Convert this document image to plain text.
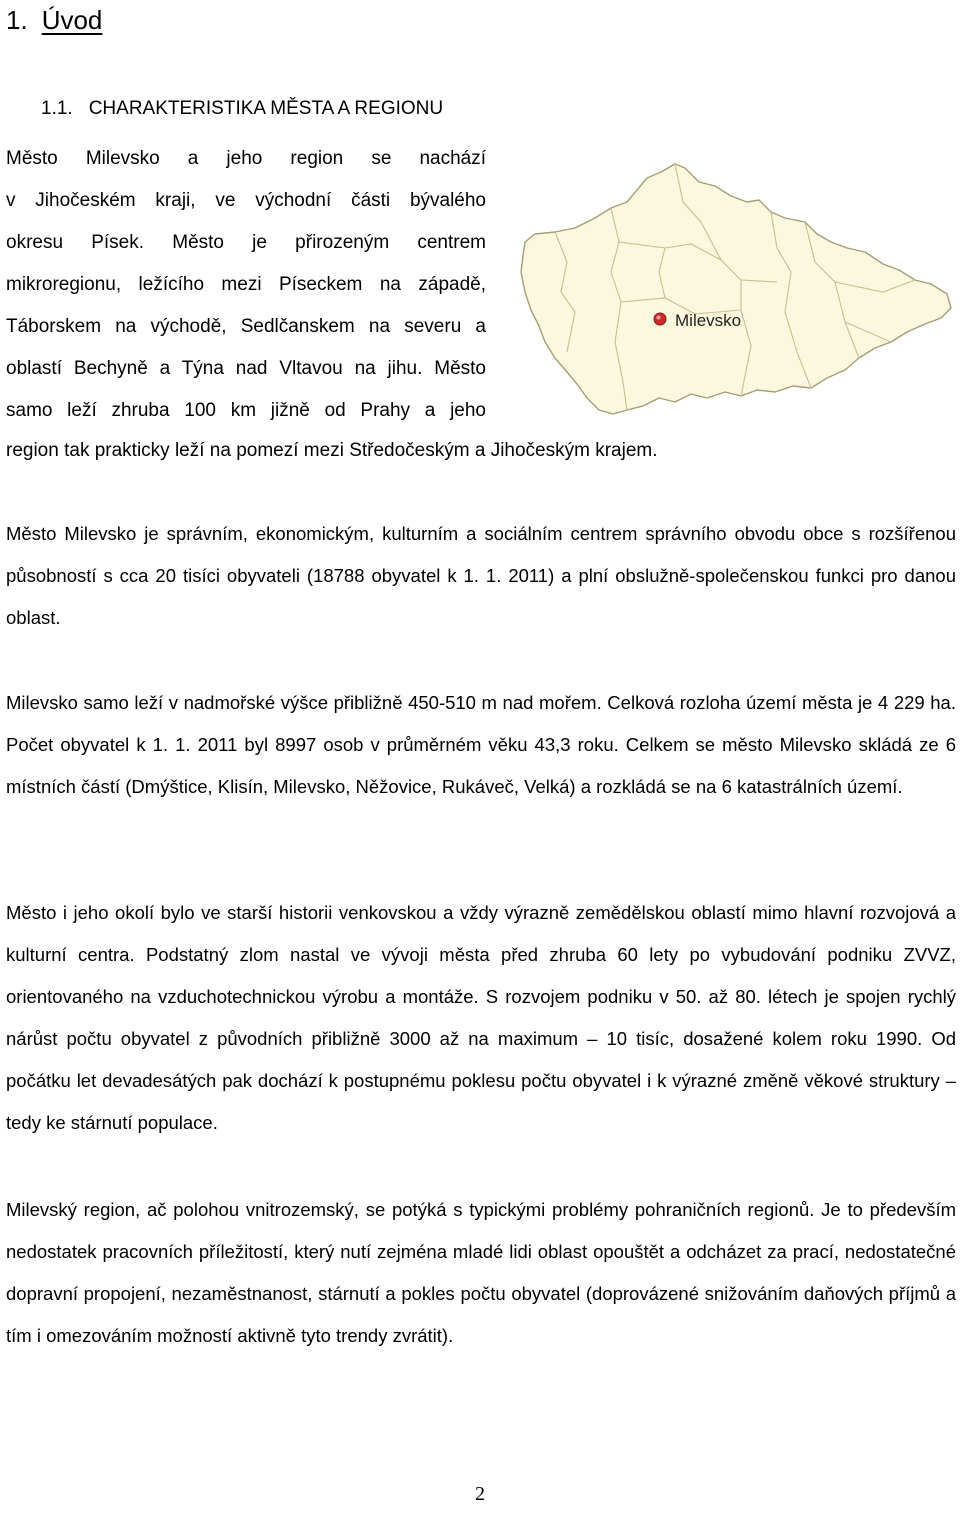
1. Úvod
1.1. CHARAKTERISTIKA MĚSTA A REGIONU
Město Milevsko a jeho region se nachází
v Jihočeském kraji, ve východní části bývalého
okresu Písek. Město je přirozeným centrem
mikroregionu, ležícího mezi Píseckem na západě,
Táborskem na východě, Sedlčanskem na severu a
oblastí Bechyně a Týna nad Vltavou na jihu. Město
samo leží zhruba 100 km jižně od Prahy a jeho
region tak prakticky leží na pomezí mezi Středočeským a Jihočeským krajem.
Milevsko
Město Milevsko je správním, ekonomickým, kulturním a sociálním centrem správního obvodu obce s rozšířenou působností s cca 20 tisíci obyvateli (18788 obyvatel k 1. 1. 2011) a plní obslužně-společenskou funkci pro danou oblast.
Milevsko samo leží v nadmořské výšce přibližně 450-510 m nad mořem. Celková rozloha území města je 4 229 ha. Počet obyvatel k 1. 1. 2011 byl 8997 osob v průměrném věku 43,3 roku. Celkem se město Milevsko skládá ze 6 místních částí (Dmýštice, Klisín, Milevsko, Něžovice, Rukáveč, Velká) a rozkládá se na 6 katastrálních území.
Město i jeho okolí bylo ve starší historii venkovskou a vždy výrazně zemědělskou oblastí mimo hlavní rozvojová a kulturní centra. Podstatný zlom nastal ve vývoji města před zhruba 60 lety po vybudování podniku ZVVZ, orientovaného na vzduchotechnickou výrobu a montáže. S rozvojem podniku v 50. až 80. létech je spojen rychlý nárůst počtu obyvatel z původních přibližně 3000 až na maximum – 10 tisíc, dosažené kolem roku 1990. Od počátku let devadesátých pak dochází k postupnému poklesu počtu obyvatel i k výrazné změně věkové struktury – tedy ke stárnutí populace.
Milevský region, ač polohou vnitrozemský, se potýká s typickými problémy pohraničních regionů. Je to především nedostatek pracovních příležitostí, který nutí zejména mladé lidi oblast opouštět a odcházet za prací, nedostatečné dopravní propojení, nezaměstnanost, stárnutí a pokles počtu obyvatel (doprovázené snižováním daňových příjmů a tím i omezováním možností aktivně tyto trendy zvrátit).
2
